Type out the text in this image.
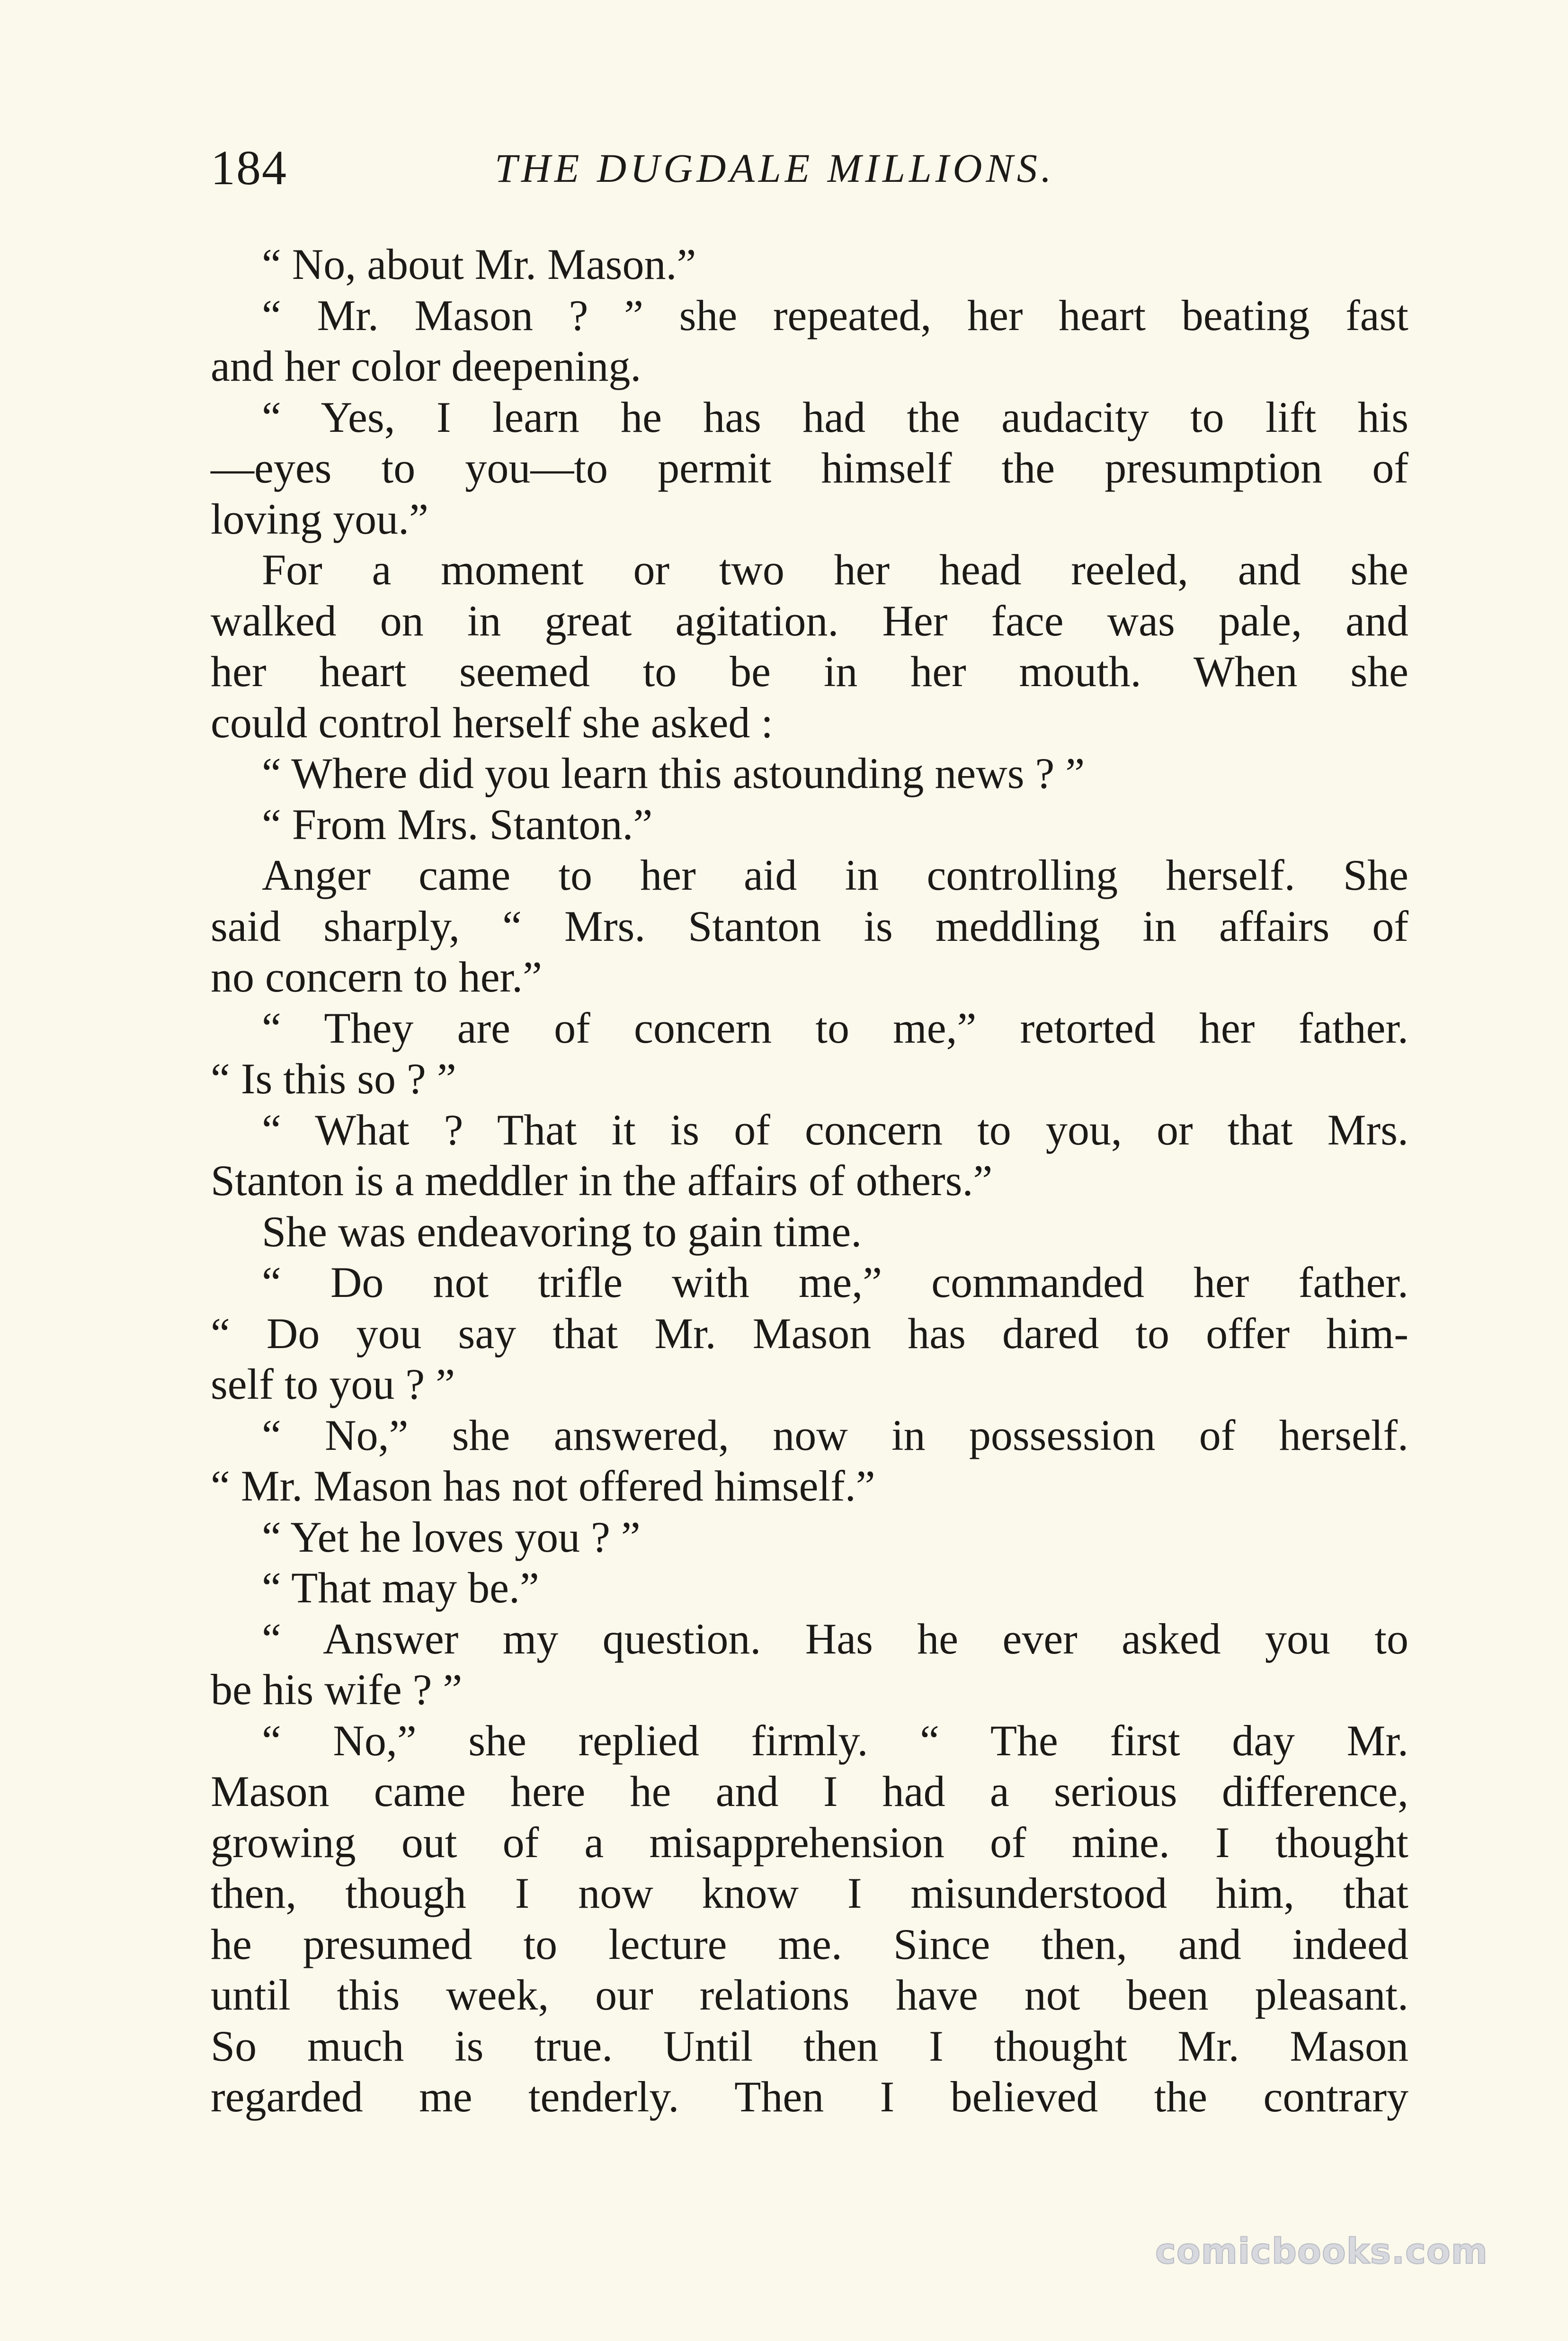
184	THE DUGDALE MILLIONS.
“ No, about Mr. Mason.”
“ Mr. Mason ? ” she repeated, her heart beating fast
and her color deepening.
“ Yes, I learn he has had the audacity to lift his
—eyes to you—to permit himself the presumption of
loving you.”
For a moment or two her head reeled, and she
walked on in great agitation. Her face was pale, and
her heart seemed to be in her mouth. When she
could control herself she asked :
“ Where did you learn this astounding news ? ”
“ From Mrs. Stanton.”
Anger came to her aid in controlling herself. She
said sharply, “ Mrs. Stanton is meddling in affairs of
no concern to her.”
“ They are of concern to me,” retorted her father.
“ Is this so ? ”
“ What ? That it is of concern to you, or that Mrs.
Stanton is a meddler in the affairs of others.”
She was endeavoring to gain time.
“ Do not trifle with me,” commanded her father.
“ Do you say that Mr. Mason has dared to offer him-
self to you ? ”
“ No,” she answered, now in possession of herself.
“ Mr. Mason has not offered himself.”
“ Yet he loves you ? ”
“ That may be.”
“ Answer my question. Has he ever asked you to
be his wife ? ”
“ No,” she replied firmly. “ The first day Mr.
Mason came here he and I had a serious difference,
growing out of a misapprehension of mine. I thought
then, though I now know I misunderstood him, that
he presumed to lecture me. Since then, and indeed
until this week, our relations have not been pleasant.
So much is true. Until then I thought Mr. Mason
regarded me tenderly. Then I believed the contrary
comicbooks.com
